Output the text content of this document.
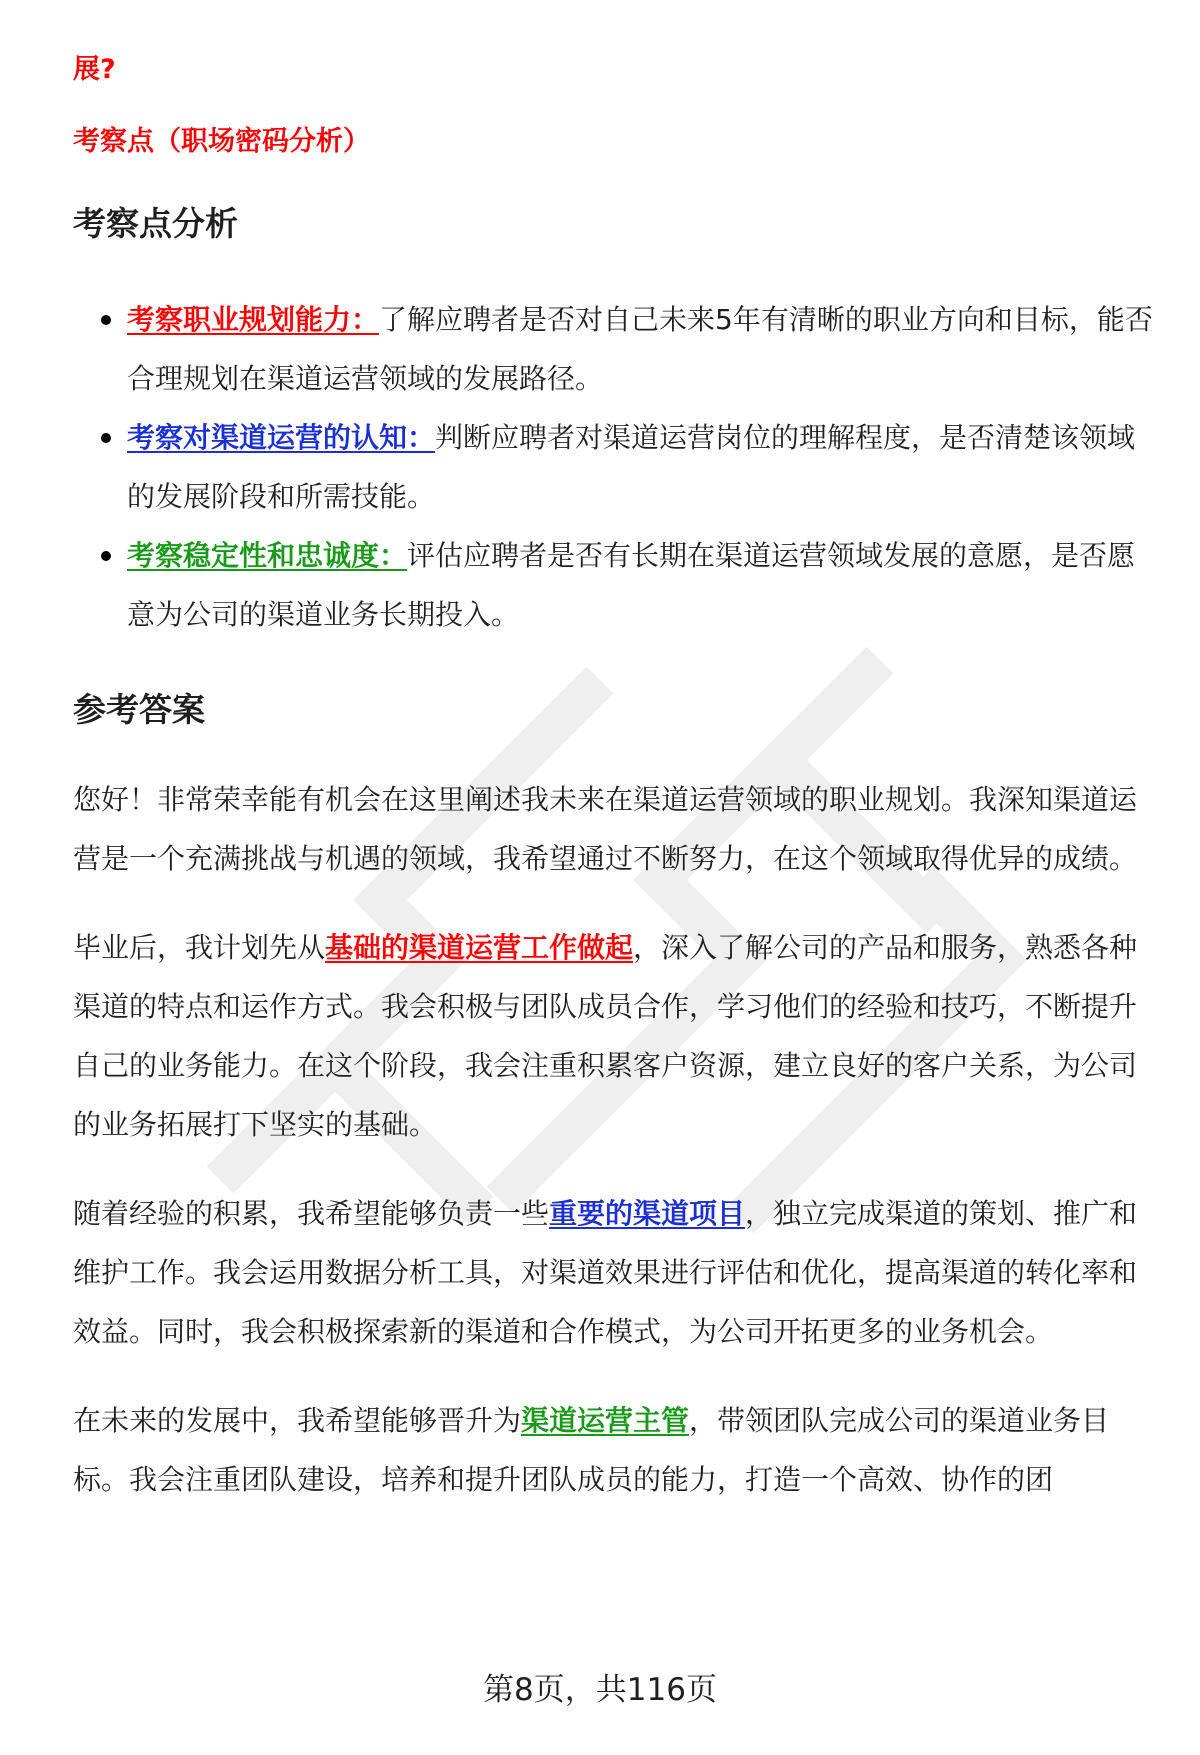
展?

考察点（职场密码分析）

考察点分析
考察职业规划能力：了解应聘者是否对自己未来5年有清晰的职业方向和目标，能否合理规划在渠道运营领域的发展路径。
考察对渠道运营的认知：判断应聘者对渠道运营岗位的理解程度，是否清楚该领域的发展阶段和所需技能。
考察稳定性和忠诚度：评估应聘者是否有长期在渠道运营领域发展的意愿，是否愿意为公司的渠道业务长期投入。
参考答案

您好！非常荣幸能有机会在这里阐述我未来在渠道运营领域的职业规划。我深知渠道运营是一个充满挑战与机遇的领域，我希望通过不断努力，在这个领域取得优异的成绩。

毕业后，我计划先从基础的渠道运营工作做起，深入了解公司的产品和服务，熟悉各种渠道的特点和运作方式。我会积极与团队成员合作，学习他们的经验和技巧，不断提升自己的业务能力。在这个阶段，我会注重积累客户资源，建立良好的客户关系，为公司的业务拓展打下坚实的基础。

随着经验的积累，我希望能够负责一些重要的渠道项目，独立完成渠道的策划、推广和维护工作。我会运用数据分析工具，对渠道效果进行评估和优化，提高渠道的转化率和效益。同时，我会积极探索新的渠道和合作模式，为公司开拓更多的业务机会。

在未来的发展中，我希望能够晋升为渠道运营主管，带领团队完成公司的渠道业务目标。我会注重团队建设，培养和提升团队成员的能力，打造一个高效、协作的团

第8页，共116页
